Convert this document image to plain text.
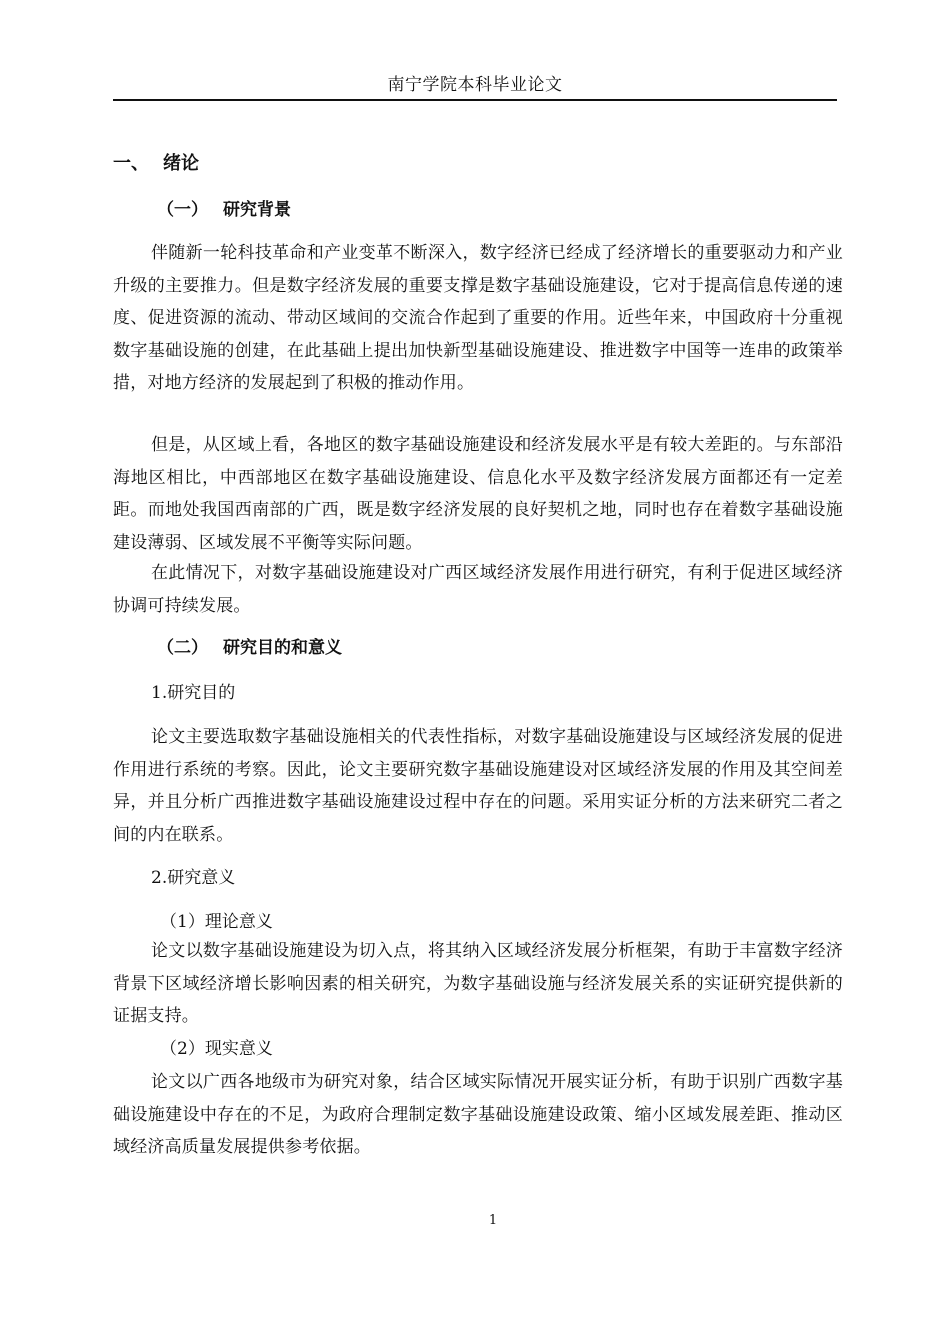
南宁学院本科毕业论文
一、 绪论
（一） 研究背景
伴随新一轮科技革命和产业变革不断深入，数字经济已经成了经济增长的重要驱动力和产业升级的主要推力。但是数字经济发展的重要支撑是数字基础设施建设，它对于提高信息传递的速度、促进资源的流动、带动区域间的交流合作起到了重要的作用。近些年来，中国政府十分重视数字基础设施的创建，在此基础上提出加快新型基础设施建设、推进数字中国等一连串的政策举措，对地方经济的发展起到了积极的推动作用。
但是，从区域上看，各地区的数字基础设施建设和经济发展水平是有较大差距的。与东部沿海地区相比，中西部地区在数字基础设施建设、信息化水平及数字经济发展方面都还有一定差距。而地处我国西南部的广西，既是数字经济发展的良好契机之地，同时也存在着数字基础设施建设薄弱、区域发展不平衡等实际问题。
在此情况下，对数字基础设施建设对广西区域经济发展作用进行研究，有利于促进区域经济协调可持续发展。
（二） 研究目的和意义
1.研究目的
论文主要选取数字基础设施相关的代表性指标，对数字基础设施建设与区域经济发展的促进作用进行系统的考察。因此，论文主要研究数字基础设施建设对区域经济发展的作用及其空间差异，并且分析广西推进数字基础设施建设过程中存在的问题。采用实证分析的方法来研究二者之间的内在联系。
2.研究意义
（1）理论意义
论文以数字基础设施建设为切入点，将其纳入区域经济发展分析框架，有助于丰富数字经济背景下区域经济增长影响因素的相关研究，为数字基础设施与经济发展关系的实证研究提供新的证据支持。
（2）现实意义
论文以广西各地级市为研究对象，结合区域实际情况开展实证分析，有助于识别广西数字基础设施建设中存在的不足，为政府合理制定数字基础设施建设政策、缩小区域发展差距、推动区域经济高质量发展提供参考依据。
1
